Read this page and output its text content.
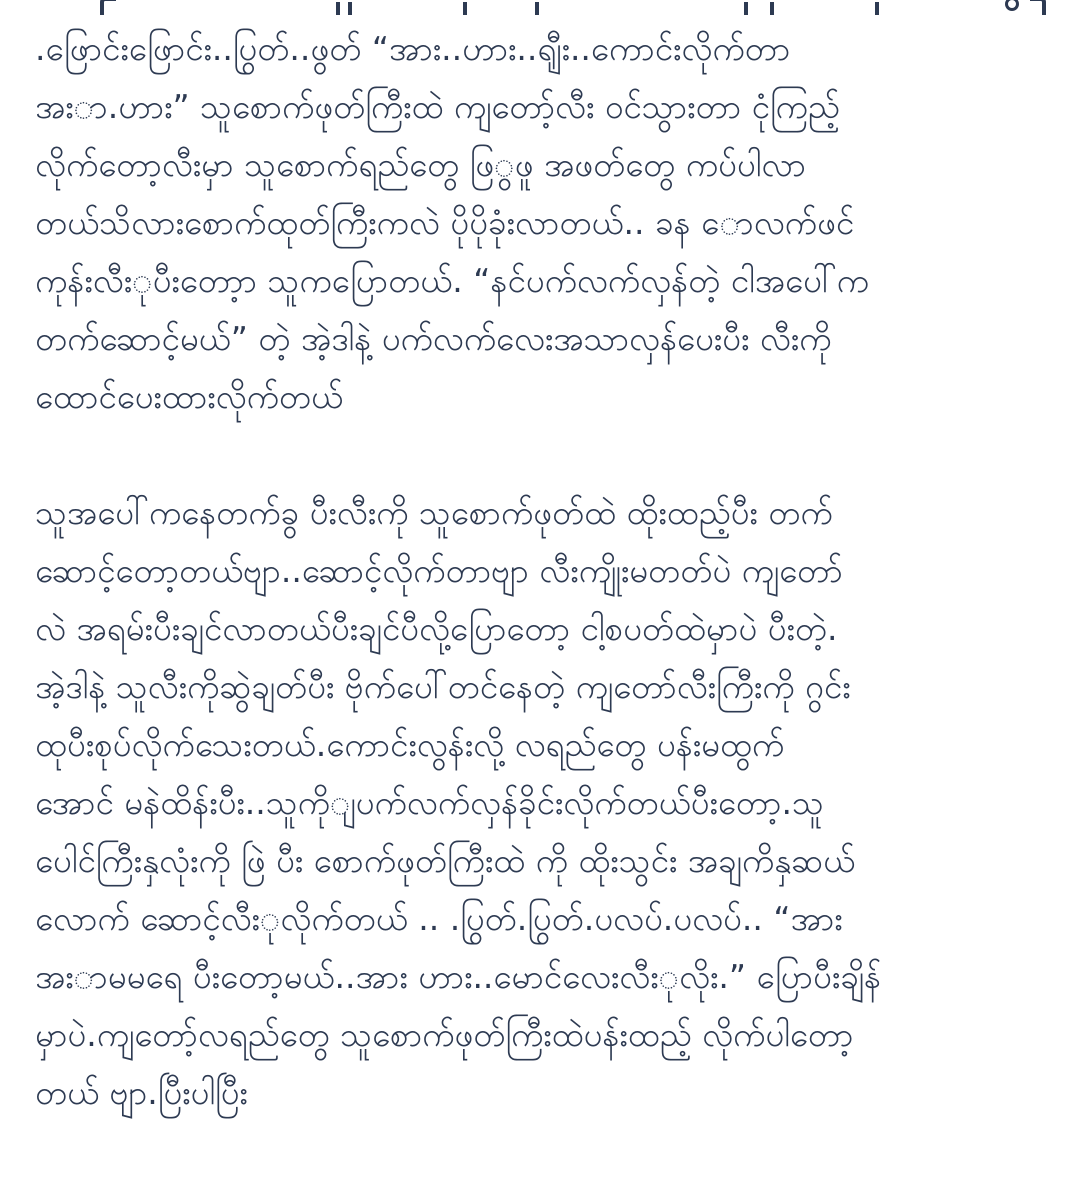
.ဖြောင်းဖြောင်း..ပြွတ်..ဖွတ် “အား..ဟား..ရျီး..ကောင်းလိုက်တာ
အး◌ာ.ဟား” သူစောက်ဖုတ်ကြီးထဲ ကျတော့်လီး ဝင်သွားတာ ငုံကြည့်
လိုက်တော့လီးမှာ သူစောက်ရည်တွေ ဖြ◌ွဖူ အဖတ်တွေ ကပ်ပါလာ
တယ်သိလားစောက်ထုတ်ကြီးကလဲ ပိုပိုခုံးလာတယ်.. ခန ◌ောလက်ဖင်
ကုန်းလီး◌ုပီးတော့ာ သူကပြောတယ်. “နင်ပက်လက်လှန်တဲ့ ငါအပေါ်က
တက်ဆောင့်မယ်” တဲ့ အဲ့ဒါနဲ့ ပက်လက်လေးအသာလှန်ပေးပီး လီးကို
ထောင်ပေးထားလိုက်တယ်
သူအပေါ်ကနေတက်ခွ ပီးလီးကို သူစောက်ဖုတ်ထဲ ထိုးထည့်ပီး တက်
ဆောင့်တော့တယ်ဗျာ..ဆောင့်လိုက်တာဗျာ လီးကျိုးမတတ်ပဲ ကျတော်
လဲ အရမ်းပီးချင်လာတယ်ပီးချင်ပီလို့ပြောတော့ ငါ့စပတ်ထဲမှာပဲ ပီးတဲ့.
အဲ့ဒါနဲ့ သူလီးကိုဆွဲချတ်ပီး ဗိုက်ပေါ်တင်နေတဲ့ ကျတော်လီးကြီးကို ဂွင်း
ထုပီးစုပ်လိုက်သေးတယ်.ကောင်းလွန်းလို့ လရည်တွေ ပန်းမထွက်
အောင် မနဲထိန်းပီး..သူကိုျပက်လက်လှန်ခိုင်းလိုက်တယ်ပီးတော့.သူ
ပေါင်ကြီးနှလုံးကို ဖြဲ ပီး စောက်ဖုတ်ကြီးထဲ ကို ထိုးသွင်း အချကိနှဆယ်
လောက် ဆောင့်လီး◌ုလိုက်တယ် .. .ပြွတ်.ပြွတ်.ပလပ်.ပလပ်.. “အား
အး◌ာမမရေ ပီးတော့မယ်..အား ဟား..မောင်လေးလီး◌ုလိုး.” ပြောပီးချိန်
မှာပဲ.ကျတော့်လရည်တွေ သူစောက်ဖုတ်ကြီးထဲပန်းထည့် လိုက်ပါတော့
တယ် ဗျာ.ပြီးပါပြီး
